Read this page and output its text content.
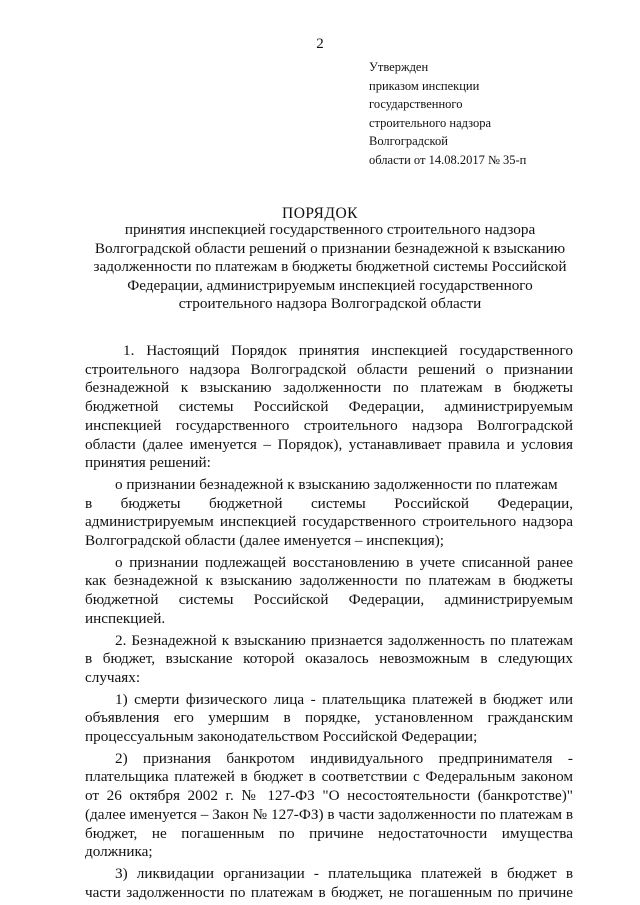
2
Утвержден
приказом инспекции
государственного
строительного надзора
Волгоградской
области от 14.08.2017 № 35-п
ПОРЯДОК
принятия инспекцией государственного строительного надзора
Волгоградской области решений о признании безнадежной к взысканию
задолженности по платежам в бюджеты бюджетной системы Российской
Федерации, администрируемым инспекцией государственного
строительного надзора Волгоградской области
1. Настоящий Порядок принятия инспекцией государственного
строительного надзора Волгоградской области решений о признании
безнадежной к взысканию задолженности по платежам в бюджеты
бюджетной системы Российской Федерации, администрируемым
инспекцией государственного строительного надзора Волгоградской
области (далее именуется – Порядок), устанавливает правила и условия
принятия решений:
о признании безнадежной к взысканию задолженности по платежам
в бюджеты бюджетной системы Российской Федерации,
администрируемым инспекцией государственного строительного надзора
Волгоградской области (далее именуется – инспекция);
о признании подлежащей восстановлению в учете списанной ранее
как безнадежной к взысканию задолженности по платежам в бюджеты
бюджетной системы Российской Федерации, администрируемым
инспекцией.
2. Безнадежной к взысканию признается задолженность по платежам
в бюджет, взыскание которой оказалось невозможным в следующих
случаях:
1) смерти физического лица - плательщика платежей в бюджет или
объявления его умершим в порядке, установленном гражданским
процессуальным законодательством Российской Федерации;
2) признания банкротом индивидуального предпринимателя -
плательщика платежей в бюджет в соответствии с Федеральным законом
от 26 октября 2002 г. № 127-ФЗ "О несостоятельности (банкротстве)"
(далее именуется – Закон № 127-ФЗ) в части задолженности по платежам в
бюджет, не погашенным по причине недостаточности имущества
должника;
3) ликвидации организации - плательщика платежей в бюджет в
части задолженности по платежам в бюджет, не погашенным по причине
